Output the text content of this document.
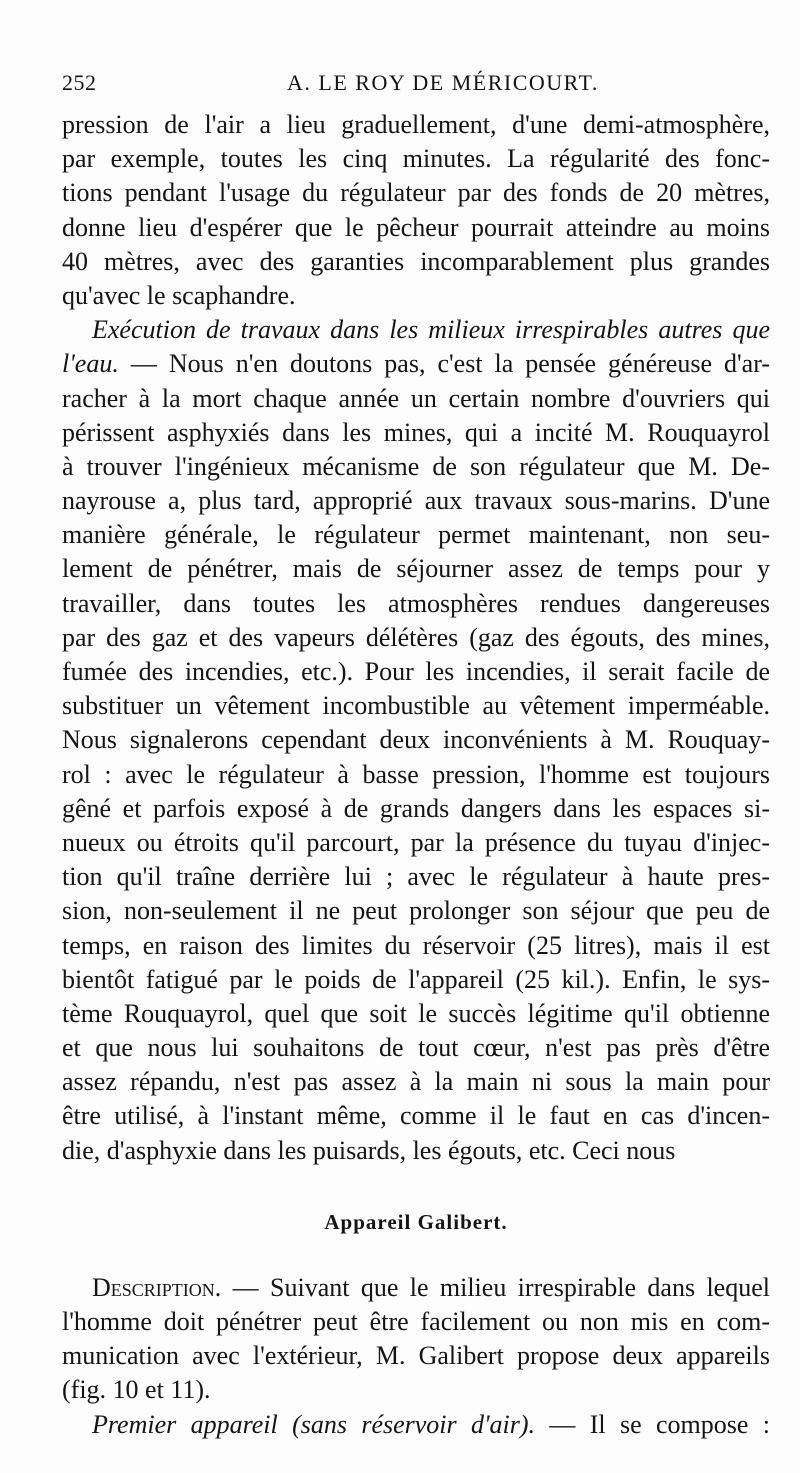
252	A. LE ROY DE MÉRICOURT.
pression de l'air a lieu graduellement, d'une demi-atmosphère,
par exemple, toutes les cinq minutes. La régularité des fonc-
tions pendant l'usage du régulateur par des fonds de 20 mètres,
donne lieu d'espérer que le pêcheur pourrait atteindre au moins
40 mètres, avec des garanties incomparablement plus grandes
qu'avec le scaphandre.
Exécution de travaux dans les milieux irrespirables autres que
l'eau. — Nous n'en doutons pas, c'est la pensée généreuse d'ar-
racher à la mort chaque année un certain nombre d'ouvriers qui
périssent asphyxiés dans les mines, qui a incité M. Rouquayrol
à trouver l'ingénieux mécanisme de son régulateur que M. De-
nayrouse a, plus tard, approprié aux travaux sous-marins. D'une
manière générale, le régulateur permet maintenant, non seu-
lement de pénétrer, mais de séjourner assez de temps pour y
travailler, dans toutes les atmosphères rendues dangereuses
par des gaz et des vapeurs délétères (gaz des égouts, des mines,
fumée des incendies, etc.). Pour les incendies, il serait facile de
substituer un vêtement incombustible au vêtement imperméable.
Nous signalerons cependant deux inconvénients à M. Rouquay-
rol : avec le régulateur à basse pression, l'homme est toujours
gêné et parfois exposé à de grands dangers dans les espaces si-
nueux ou étroits qu'il parcourt, par la présence du tuyau d'injec-
tion qu'il traîne derrière lui ; avec le régulateur à haute pres-
sion, non-seulement il ne peut prolonger son séjour que peu de
temps, en raison des limites du réservoir (25 litres), mais il est
bientôt fatigué par le poids de l'appareil (25 kil.). Enfin, le sys-
tème Rouquayrol, quel que soit le succès légitime qu'il obtienne
et que nous lui souhaitons de tout cœur, n'est pas près d'être
assez répandu, n'est pas assez à la main ni sous la main pour
être utilisé, à l'instant même, comme il le faut en cas d'incen-
die, d'asphyxie dans les puisards, les égouts, etc. Ceci nous
Appareil Galibert.
Description. — Suivant que le milieu irrespirable dans lequel
l'homme doit pénétrer peut être facilement ou non mis en com-
munication avec l'extérieur, M. Galibert propose deux appareils
(fig. 10 et 11).
Premier appareil (sans réservoir d'air). — Il se compose :
